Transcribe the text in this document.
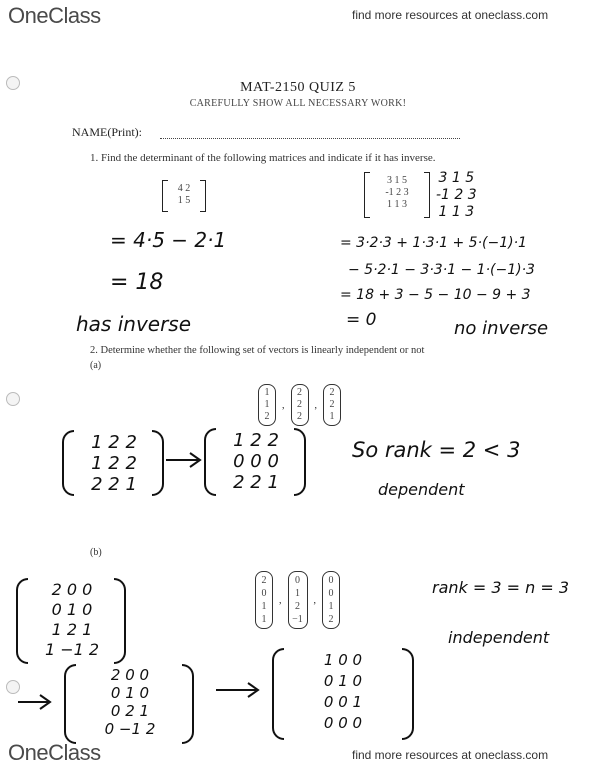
OneClass	find more resources at oneclass.com
MAT-2150 QUIZ 5
CAREFULLY SHOW ALL NECESSARY WORK!
NAME(Print):
1. Find the determinant of the following matrices and indicate if it has inverse.
4 2
1 5
3 1 5
-1 2 3
1 1 3
3 1 5
-1 2 3
1 1 3
= 4·5 − 2·1
= 18
has inverse
= 3·2·3 + 1·3·1 + 5·(−1)·1
− 5·2·1 − 3·3·1 − 1·(−1)·3
= 18 + 3 − 5 − 10 − 9 + 3
= 0	no inverse
2. Determine whether the following set of vectors is linearly independent or not
(a)
1
1
2
,
2
2
2
,
2
2
1
1 2 2
1 2 2
2 2 1
1 2 2
0 0 0
2 2 1
So rank = 2 < 3
dependent
(b)
2
0
1
1
,
0
1
2
−1
,
0
0
1
2
2 0 0
0 1 0
1 2 1
1 −1 2
rank = 3 = n = 3
independent
2 0 0
0 1 0
0 2 1
0 −1 2
1 0 0
0 1 0
0 0 1
0 0 0
OneClass	find more resources at oneclass.com
